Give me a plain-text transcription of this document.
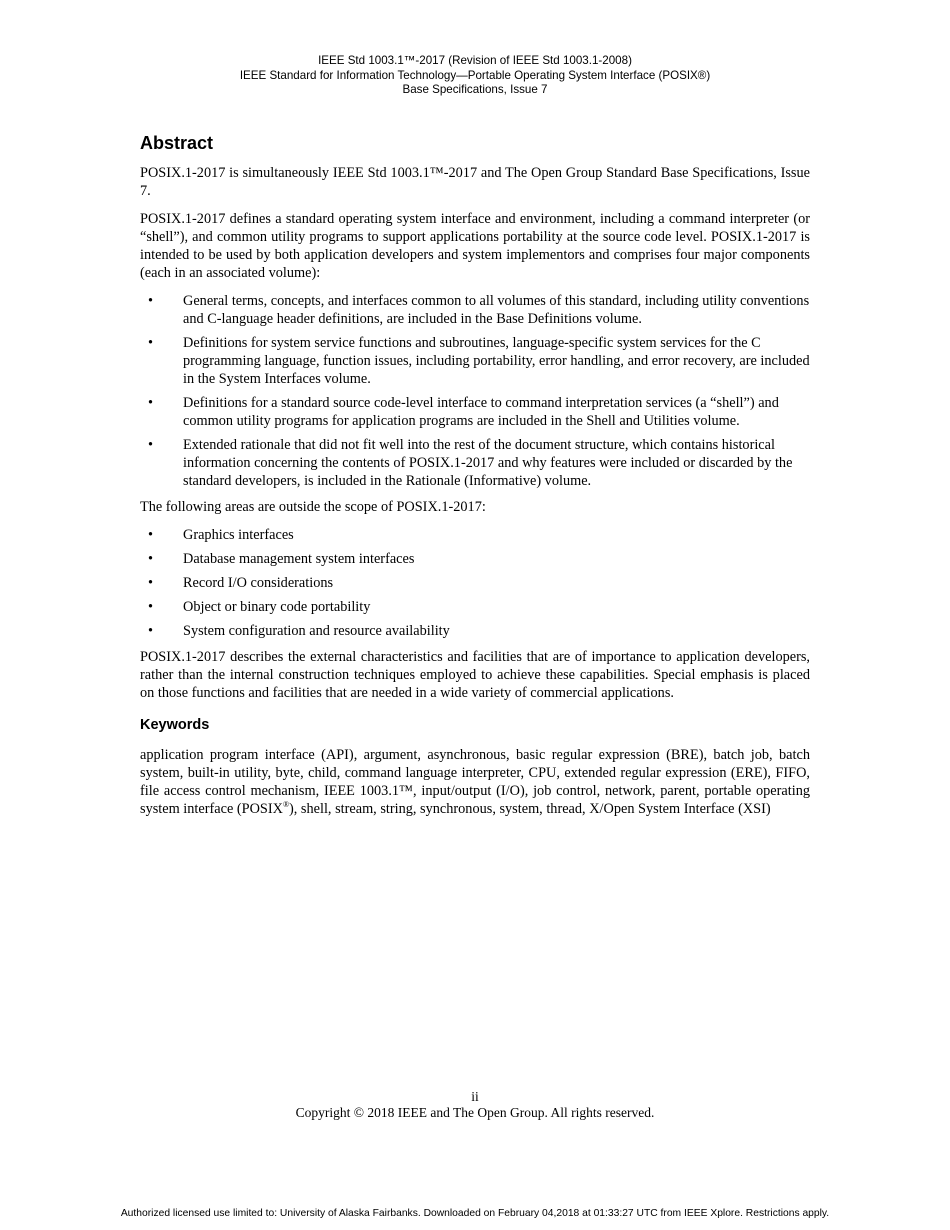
IEEE Std 1003.1™-2017 (Revision of IEEE Std 1003.1-2008)
IEEE Standard for Information Technology—Portable Operating System Interface (POSIX®)
Base Specifications, Issue 7
Abstract

POSIX.1-2017 is simultaneously IEEE Std 1003.1™-2017 and The Open Group Standard Base Specifications, Issue 7.

POSIX.1-2017 defines a standard operating system interface and environment, including a command interpreter (or “shell”), and common utility programs to support applications portability at the source code level. POSIX.1-2017 is intended to be used by both application developers and system implementors and comprises four major components (each in an associated volume):

• General terms, concepts, and interfaces common to all volumes of this standard, including utility conventions and C-language header definitions, are included in the Base Definitions volume.
• Definitions for system service functions and subroutines, language-specific system services for the C programming language, function issues, including portability, error handling, and error recovery, are included in the System Interfaces volume.
• Definitions for a standard source code-level interface to command interpretation services (a “shell”) and common utility programs for application programs are included in the Shell and Utilities volume.
• Extended rationale that did not fit well into the rest of the document structure, which contains historical information concerning the contents of POSIX.1-2017 and why features were included or discarded by the standard developers, is included in the Rationale (Informative) volume.

The following areas are outside the scope of POSIX.1-2017:

• Graphics interfaces
• Database management system interfaces
• Record I/O considerations
• Object or binary code portability
• System configuration and resource availability

POSIX.1-2017 describes the external characteristics and facilities that are of importance to application developers, rather than the internal construction techniques employed to achieve these capabilities. Special emphasis is placed on those functions and facilities that are needed in a wide variety of commercial applications.

Keywords

application program interface (API), argument, asynchronous, basic regular expression (BRE), batch job, batch system, built-in utility, byte, child, command language interpreter, CPU, extended regular expression (ERE), FIFO, file access control mechanism, IEEE 1003.1™, input/output (I/O), job control, network, parent, portable operating system interface (POSIX®), shell, stream, string, synchronous, system, thread, X/Open System Interface (XSI)

ii
Copyright © 2018 IEEE and The Open Group. All rights reserved.
Authorized licensed use limited to: University of Alaska Fairbanks. Downloaded on February 04,2018 at 01:33:27 UTC from IEEE Xplore. Restrictions apply.
